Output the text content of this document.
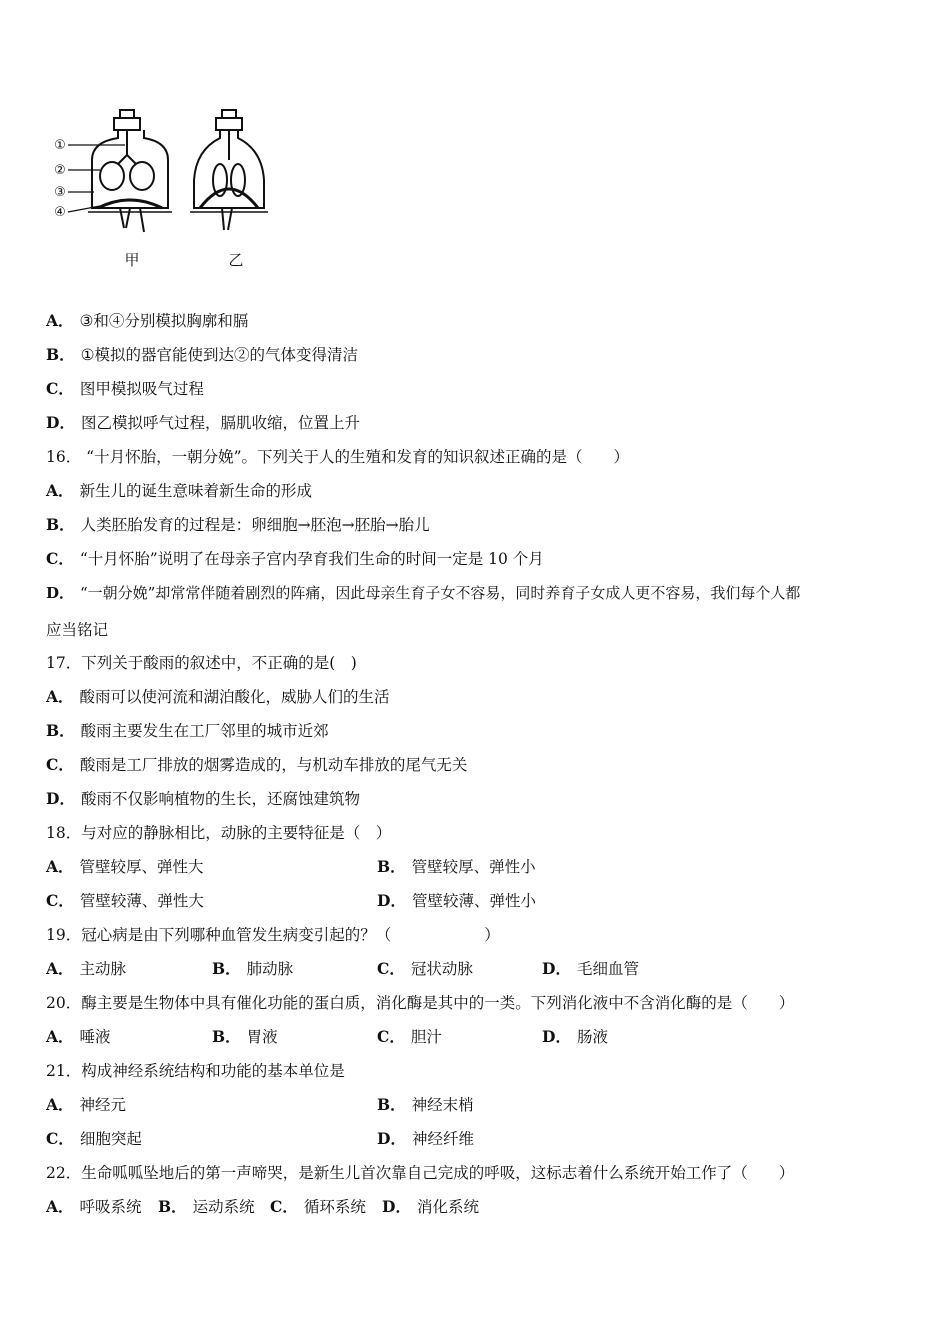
①
②
③
④
甲	乙
A． ③和④分别模拟胸廓和膈
B． ①模拟的器官能使到达②的气体变得清洁
C． 图甲模拟吸气过程
D． 图乙模拟呼气过程，膈肌收缩，位置上升
16． “十月怀胎，一朝分娩”。下列关于人的生殖和发育的知识叙述正确的是（　　）
A． 新生儿的诞生意味着新生命的形成
B． 人类胚胎发育的过程是：卵细胞→胚泡→胚胎→胎儿
C． “十月怀胎”说明了在母亲子宫内孕育我们生命的时间一定是 10 个月
D． “一朝分娩”却常常伴随着剧烈的阵痛，因此母亲生育子女不容易，同时养育子女成人更不容易，我们每个人都
应当铭记
17．下列关于酸雨的叙述中，不正确的是(　)
A． 酸雨可以使河流和湖泊酸化，威胁人们的生活
B． 酸雨主要发生在工厂邻里的城市近郊
C． 酸雨是工厂排放的烟雾造成的，与机动车排放的尾气无关
D． 酸雨不仅影响植物的生长，还腐蚀建筑物
18．与对应的静脉相比，动脉的主要特征是（　）
A． 管壁较厚、弹性大	B． 管壁较厚、弹性小
C． 管壁较薄、弹性大	D． 管壁较薄、弹性小
19．冠心病是由下列哪种血管发生病变引起的？（　　　　　　）
A． 主动脉	B． 肺动脉	C． 冠状动脉	D． 毛细血管
20．酶主要是生物体中具有催化功能的蛋白质，消化酶是其中的一类。下列消化液中不含消化酶的是（　　）
A． 唾液	B． 胃液	C． 胆汁	D． 肠液
21．构成神经系统结构和功能的基本单位是
A． 神经元	B． 神经末梢
C． 细胞突起	D． 神经纤维
22．生命呱呱坠地后的第一声啼哭，是新生儿首次靠自己完成的呼吸，这标志着什么系统开始工作了（　　）
A． 呼吸系统 B． 运动系统 C． 循环系统 D． 消化系统
